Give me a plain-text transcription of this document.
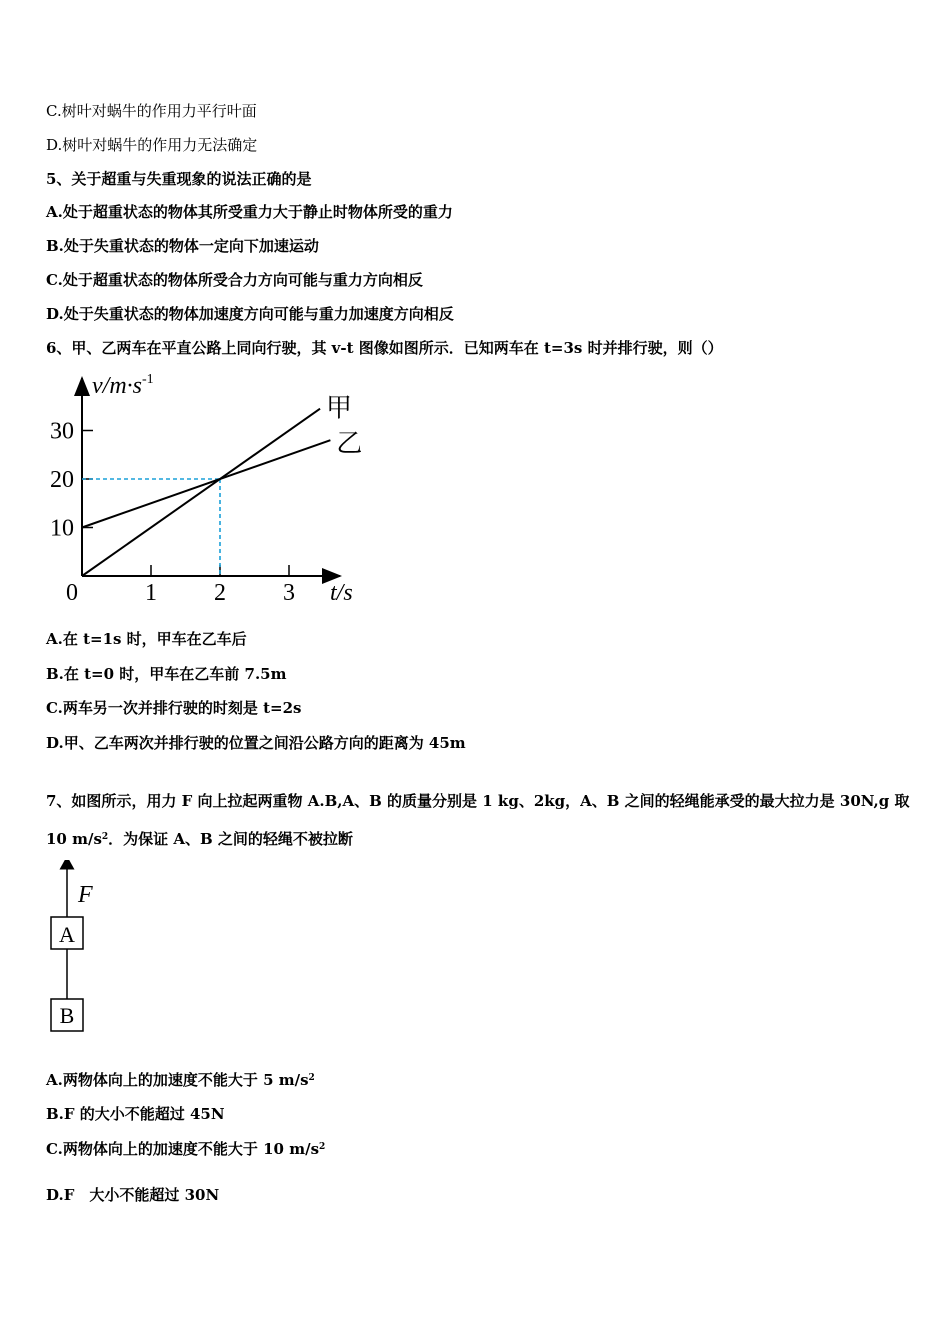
C.树叶对蜗牛的作用力平行叶面
D.树叶对蜗牛的作用力无法确定
5、关于超重与失重现象的说法正确的是
A.处于超重状态的物体其所受重力大于静止时物体所受的重力
B.处于失重状态的物体一定向下加速运动
C.处于超重状态的物体所受合力方向可能与重力方向相反
D.处于失重状态的物体加速度方向可能与重力加速度方向相反
6、甲、乙两车在平直公路上同向行驶，其 v-t 图像如图所示．已知两车在 t=3s 时并排行驶，则（）
1 2 3
10
20
30
甲
乙
$v/m\cdot s^{-1}$
t/s
0
A.在 t=1s 时，甲车在乙车后
B.在 t=0 时，甲车在乙车前 7.5m
C.两车另一次并排行驶的时刻是 t=2s
D.甲、乙车两次并排行驶的位置之间沿公路方向的距离为 45m
7、如图所示，用力 F 向上拉起两重物 A.B,A、B 的质量分别是 1 kg、2kg，A、B 之间的轻绳能承受的最大拉力是 30N,g 取
10 $m/s^2$．为保证 A、B 之间的轻绳不被拉断
F
A
B
A.两物体向上的加速度不能大于 5 $m/s^2$
B.F 的大小不能超过 45N
C.两物体向上的加速度不能大于 10 $m/s^2$
D.F　大小不能超过 30N
